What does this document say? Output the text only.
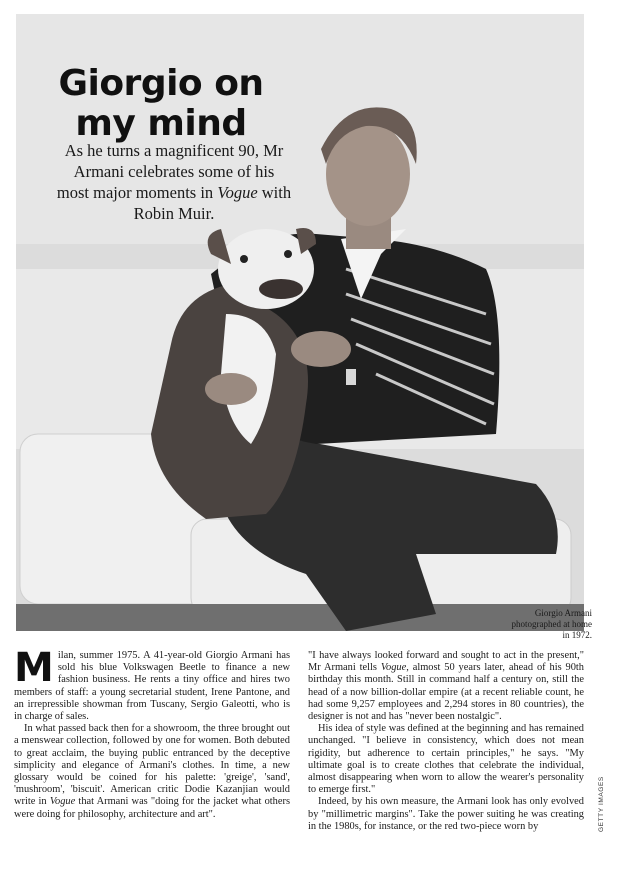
Giorgio on my mind

As he turns a magnificent 90, Mr Armani celebrates some of his most major moments in Vogue with Robin Muir.

Giorgio Armani photographed at home in 1972.

Milan, summer 1975. A 41-year-old Giorgio Armani has sold his blue Volkswagen Beetle to finance a new fashion business. He rents a tiny office and hires two members of staff: a young secretarial student, Irene Pantone, and an irrepressible showman from Tuscany, Sergio Galeotti, who is in charge of sales.

In what passed back then for a showroom, the three brought out a menswear collection, followed by one for women. Both debuted to great acclaim, the buying public entranced by the deceptive simplicity and elegance of Armani's clothes. In time, a new glossary would be coined for his palette: 'greige', 'sand', 'mushroom', 'biscuit'. American critic Dodie Kazanjian would write in Vogue that Armani was "doing for the jacket what others were doing for philosophy, architecture and art".

"I have always looked forward and sought to act in the present," Mr Armani tells Vogue, almost 50 years later, ahead of his 90th birthday this month. Still in command half a century on, still the head of a now billion-dollar empire (at a recent reliable count, he had some 9,257 employees and 2,294 stores in 80 countries), the designer is not and has "never been nostalgic".

His idea of style was defined at the beginning and has remained unchanged. "I believe in consistency, which does not mean rigidity, but adherence to certain principles," he says. "My ultimate goal is to create clothes that celebrate the individual, almost disappearing when worn to allow the wearer's personality to emerge first."

Indeed, by his own measure, the Armani look has only evolved by "millimetric margins". Take the power suiting he was creating in the 1980s, for instance, or the red two-piece worn by	GETTY IMAGES
